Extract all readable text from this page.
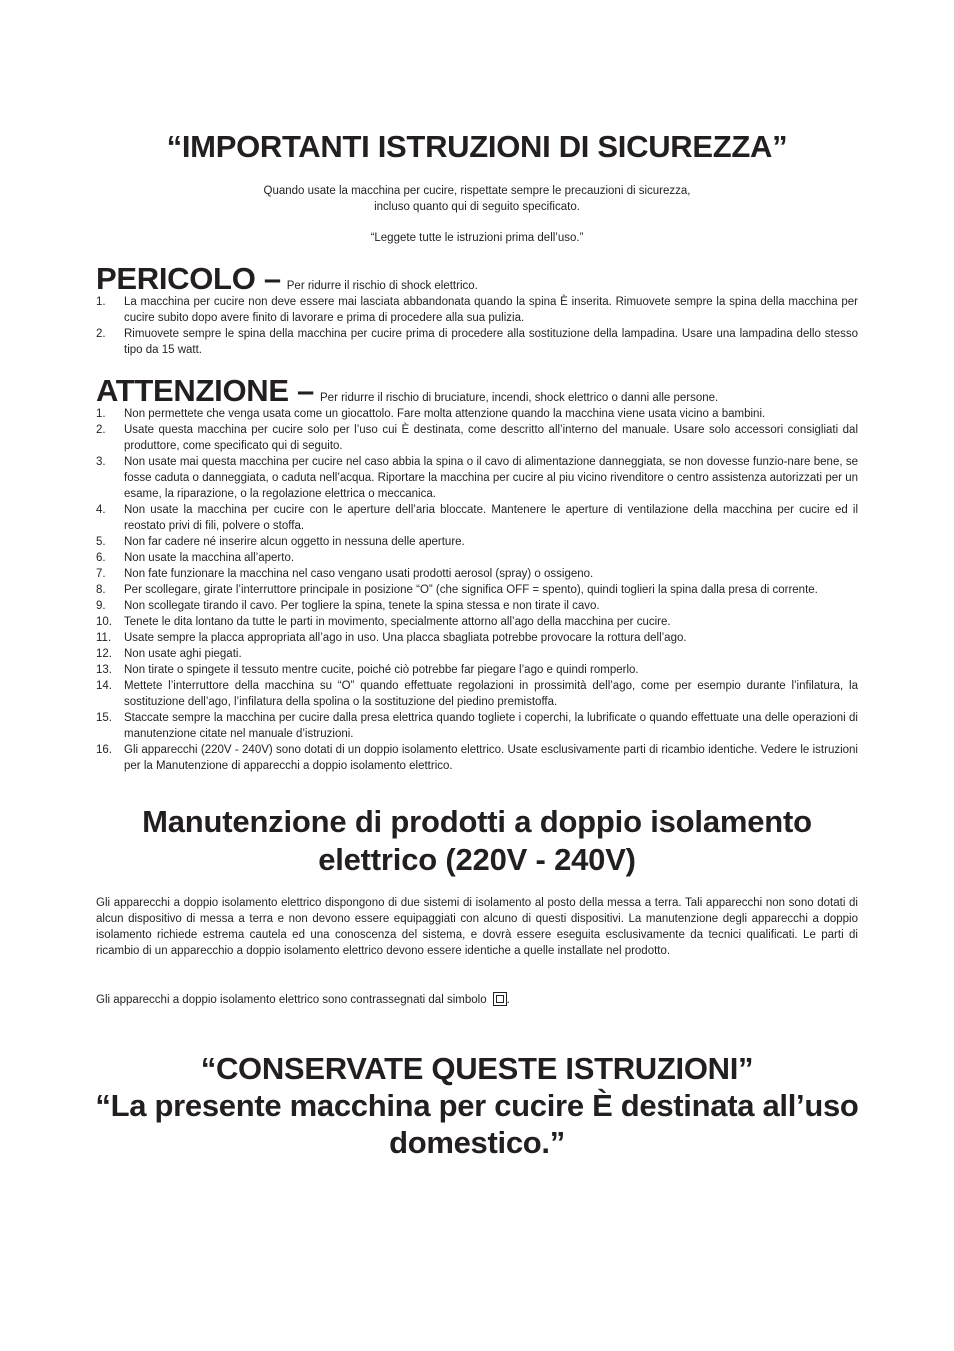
“IMPORTANTI ISTRUZIONI DI SICUREZZA”
Quando usate la macchina per cucire, rispettate sempre le precauzioni di sicurezza,
incluso quanto qui di seguito specificato.
“Leggete tutte le istruzioni prima dell’uso.”
PERICOLO – Per ridurre il rischio di shock elettrico.
1. La macchina per cucire non deve essere mai lasciata abbandonata quando la spina È inserita. Rimuovete sempre la spina della macchina per cucire subito dopo avere finito di lavorare e prima di procedere alla sua pulizia.
2. Rimuovete sempre le spina della macchina per cucire prima di procedere alla sostituzione della lampadina. Usare una lampadina dello stesso tipo da 15 watt.
ATTENZIONE – Per ridurre il rischio di bruciature, incendi, shock elettrico o danni alle persone.
1. Non permettete che venga usata come un giocattolo. Fare molta attenzione quando la macchina viene usata vicino a bambini.
2. Usate questa macchina per cucire solo per l’uso cui È destinata, come descritto all’interno del manuale. Usare solo accessori consigliati dal produttore, come specificato qui di seguito.
3. Non usate mai questa macchina per cucire nel caso abbia la spina o il cavo di alimentazione danneggiata, se non dovesse funzio-nare bene, se fosse caduta o danneggiata, o caduta nell’acqua. Riportare la macchina per cucire al piu vicino rivenditore o centro assistenza autorizzati per un esame, la riparazione, o la regolazione elettrica o meccanica.
4. Non usate la macchina per cucire con le aperture dell’aria bloccate. Mantenere le aperture di ventilazione della macchina per cucire ed il reostato privi di fili, polvere o stoffa.
5. Non far cadere né inserire alcun oggetto in nessuna delle aperture.
6. Non usate la macchina all’aperto.
7. Non fate funzionare la macchina nel caso vengano usati prodotti aerosol (spray) o ossigeno.
8. Per scollegare, girate l’interruttore principale in posizione “O” (che significa OFF = spento), quindi toglieri la spina dalla presa di corrente.
9. Non scollegate tirando il cavo. Per togliere la spina, tenete la spina stessa e non tirate il cavo.
10. Tenete le dita lontano da tutte le parti in movimento, specialmente attorno all’ago della macchina per cucire.
11. Usate sempre la placca appropriata all’ago in uso. Una placca sbagliata potrebbe provocare la rottura dell’ago.
12. Non usate aghi piegati.
13. Non tirate o spingete il tessuto mentre cucite, poiché ciò potrebbe far piegare l’ago e quindi romperlo.
14. Mettete l’interruttore della macchina su “O” quando effettuate regolazioni in prossimità dell’ago, come per esempio durante l’infilatura, la sostituzione dell’ago, l’infilatura della spolina o la sostituzione del piedino premistoffa.
15. Staccate sempre la macchina per cucire dalla presa elettrica quando togliete i coperchi, la lubrificate o quando effettuate una delle operazioni di manutenzione citate nel manuale d’istruzioni.
16. Gli apparecchi (220V - 240V) sono dotati di un doppio isolamento elettrico. Usate esclusivamente parti di ricambio identiche. Vedere le istruzioni per la Manutenzione di apparecchi a doppio isolamento elettrico.
Manutenzione di prodotti a doppio isolamento
elettrico (220V - 240V)
Gli apparecchi a doppio isolamento elettrico dispongono di due sistemi di isolamento al posto della messa a terra. Tali apparecchi non sono dotati di alcun dispositivo di messa a terra e non devono essere equipaggiati con alcuno di questi dispositivi. La manutenzione degli apparecchi a doppio isolamento richiede estrema cautela ed una conoscenza del sistema, e dovrà essere eseguita esclusivamente da tecnici qualificati. Le parti di ricambio di un apparecchio a doppio isolamento elettrico devono essere identiche a quelle installate nel prodotto.
Gli apparecchi a doppio isolamento elettrico sono contrassegnati dal simbolo .
“CONSERVATE QUESTE ISTRUZIONI”
“La presente macchina per cucire È destinata all’uso
domestico.”
